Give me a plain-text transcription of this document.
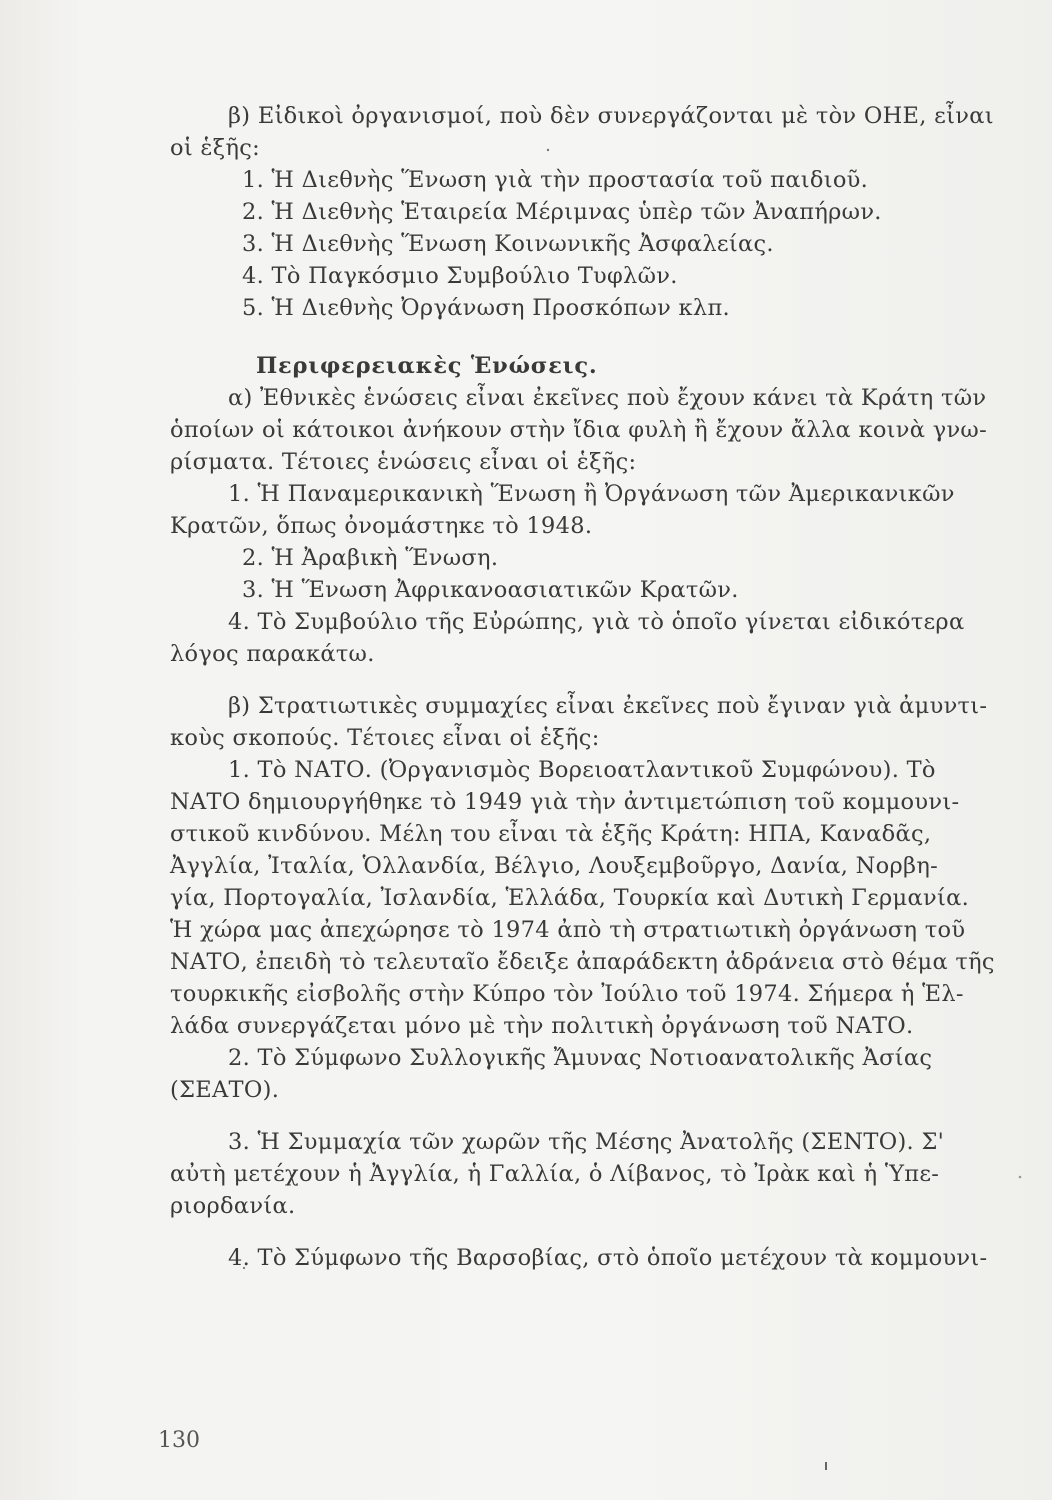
β) Εἰδικοὶ ὀργανισμοί, ποὺ δὲν συνεργάζονται μὲ τὸν ΟΗΕ, εἶναι
οἱ ἑξῆς:
1. Ἡ Διεθνὴς Ἕνωση γιὰ τὴν προστασία τοῦ παιδιοῦ.
2. Ἡ Διεθνὴς Ἑταιρεία Μέριμνας ὑπὲρ τῶν Ἀναπήρων.
3. Ἡ Διεθνὴς Ἕνωση Κοινωνικῆς Ἀσφαλείας.
4. Τὸ Παγκόσμιο Συμβούλιο Τυφλῶν.
5. Ἡ Διεθνὴς Ὀργάνωση Προσκόπων κλπ.
Περιφερειακὲς Ἑνώσεις.
α) Ἐθνικὲς ἑνώσεις εἶναι ἐκεῖνες ποὺ ἔχουν κάνει τὰ Κράτη τῶν
ὁποίων οἱ κάτοικοι ἀνήκουν στὴν ἴδια φυλὴ ἢ ἔχουν ἄλλα κοινὰ γνω-
ρίσματα. Τέτοιες ἑνώσεις εἶναι οἱ ἑξῆς:
1. Ἡ Παναμερικανικὴ Ἕνωση ἢ Ὀργάνωση τῶν Ἀμερικανικῶν
Κρατῶν, ὅπως ὀνομάστηκε τὸ 1948.
2. Ἡ Ἀραβικὴ Ἕνωση.
3. Ἡ Ἕνωση Ἀφρικανοασιατικῶν Κρατῶν.
4. Τὸ Συμβούλιο τῆς Εὐρώπης, γιὰ τὸ ὁποῖο γίνεται εἰδικότερα
λόγος παρακάτω.
β) Στρατιωτικὲς συμμαχίες εἶναι ἐκεῖνες ποὺ ἔγιναν γιὰ ἀμυντι-
κοὺς σκοπούς. Τέτοιες εἶναι οἱ ἑξῆς:
1. Τὸ ΝΑΤΟ. (Ὀργανισμὸς Βορειοατλαντικοῦ Συμφώνου). Τὸ
ΝΑΤΟ δημιουργήθηκε τὸ 1949 γιὰ τὴν ἀντιμετώπιση τοῦ κομμουνι-
στικοῦ κινδύνου. Μέλη του εἶναι τὰ ἑξῆς Κράτη: ΗΠΑ, Καναδᾶς,
Ἀγγλία, Ἰταλία, Ὁλλανδία, Βέλγιο, Λουξεμβοῦργο, Δανία, Νορβη-
γία, Πορτογαλία, Ἰσλανδία, Ἑλλάδα, Τουρκία καὶ Δυτικὴ Γερμανία.
Ἡ χώρα μας ἀπεχώρησε τὸ 1974 ἀπὸ τὴ στρατιωτικὴ ὀργάνωση τοῦ
ΝΑΤΟ, ἐπειδὴ τὸ τελευταῖο ἔδειξε ἀπαράδεκτη ἀδράνεια στὸ θέμα τῆς
τουρκικῆς εἰσβολῆς στὴν Κύπρο τὸν Ἰούλιο τοῦ 1974. Σήμερα ἡ Ἑλ-
λάδα συνεργάζεται μόνο μὲ τὴν πολιτικὴ ὀργάνωση τοῦ ΝΑΤΟ.
2. Τὸ Σύμφωνο Συλλογικῆς Ἄμυνας Νοτιοανατολικῆς Ἀσίας
(ΣΕΑΤΟ).
3. Ἡ Συμμαχία τῶν χωρῶν τῆς Μέσης Ἀνατολῆς (ΣΕΝΤΟ). Σ'
αὐτὴ μετέχουν ἡ Ἀγγλία, ἡ Γαλλία, ὁ Λίβανος, τὸ Ἰρὰκ καὶ ἡ Ὑπε-
ριορδανία.
4. Τὸ Σύμφωνο τῆς Βαρσοβίας, στὸ ὁποῖο μετέχουν τὰ κομμουνι-
130
